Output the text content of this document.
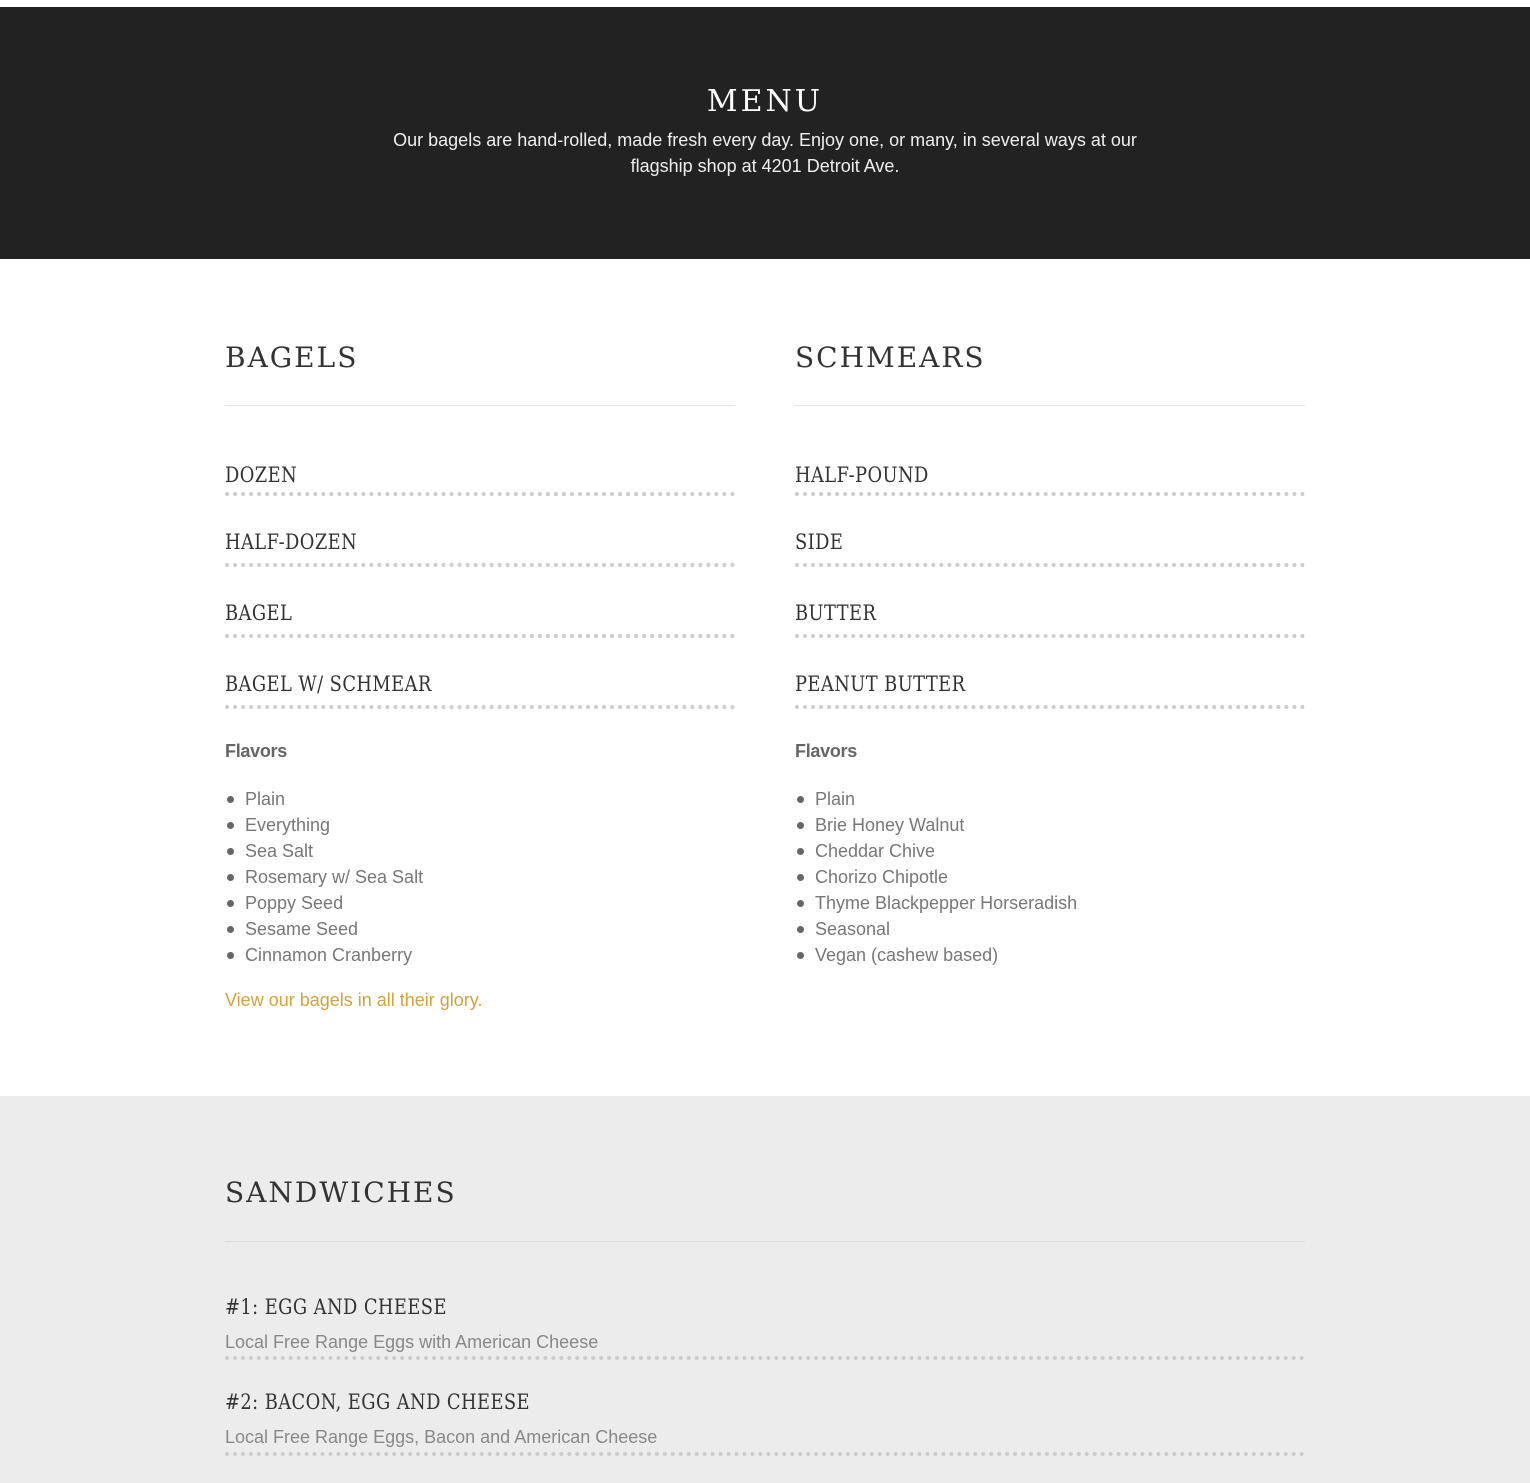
MENU

Our bagels are hand-rolled, made fresh every day. Enjoy one, or many, in several ways at our flagship shop at 4201 Detroit Ave.

BAGELS
DOZEN
HALF-DOZEN
BAGEL
BAGEL W/ SCHMEAR
Flavors
Plain
Everything
Sea Salt
Rosemary w/ Sea Salt
Poppy Seed
Sesame Seed
Cinnamon Cranberry
View our bagels in all their glory.
SCHMEARS
HALF-POUND
SIDE
BUTTER
PEANUT BUTTER
Flavors
Plain
Brie Honey Walnut
Cheddar Chive
Chorizo Chipotle
Thyme Blackpepper Horseradish
Seasonal
Vegan (cashew based)
SANDWICHES
#1: EGG AND CHEESE

Local Free Range Eggs with American Cheese

#2: BACON, EGG AND CHEESE

Local Free Range Eggs, Bacon and American Cheese
